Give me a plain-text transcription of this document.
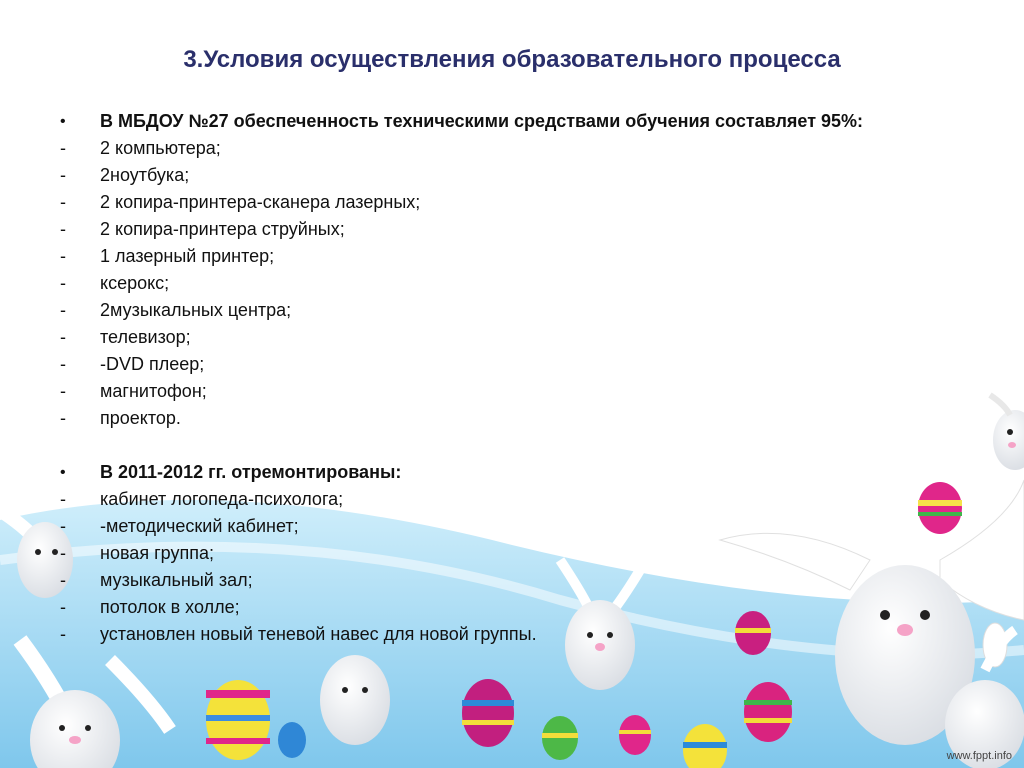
3.Условия осуществления образовательного процесса
•	В МБДОУ №27 обеспеченность техническими средствами обучения составляет 95%:
-	2 компьютера;
-	2ноутбука;
-	2 копира-принтера-сканера лазерных;
-	2 копира-принтера струйных;
-	1 лазерный принтер;
-	ксерокс;
-	2музыкальных центра;
-	телевизор;
-	-DVD плеер;
-	магнитофон;
-	проектор.
•	В 2011-2012 гг. отремонтированы:
-	кабинет логопеда-психолога;
-	-методический кабинет;
-	новая группа;
-	музыкальный зал;
-	потолок в холле;
-	установлен новый теневой навес для новой группы.
www.fppt.info
